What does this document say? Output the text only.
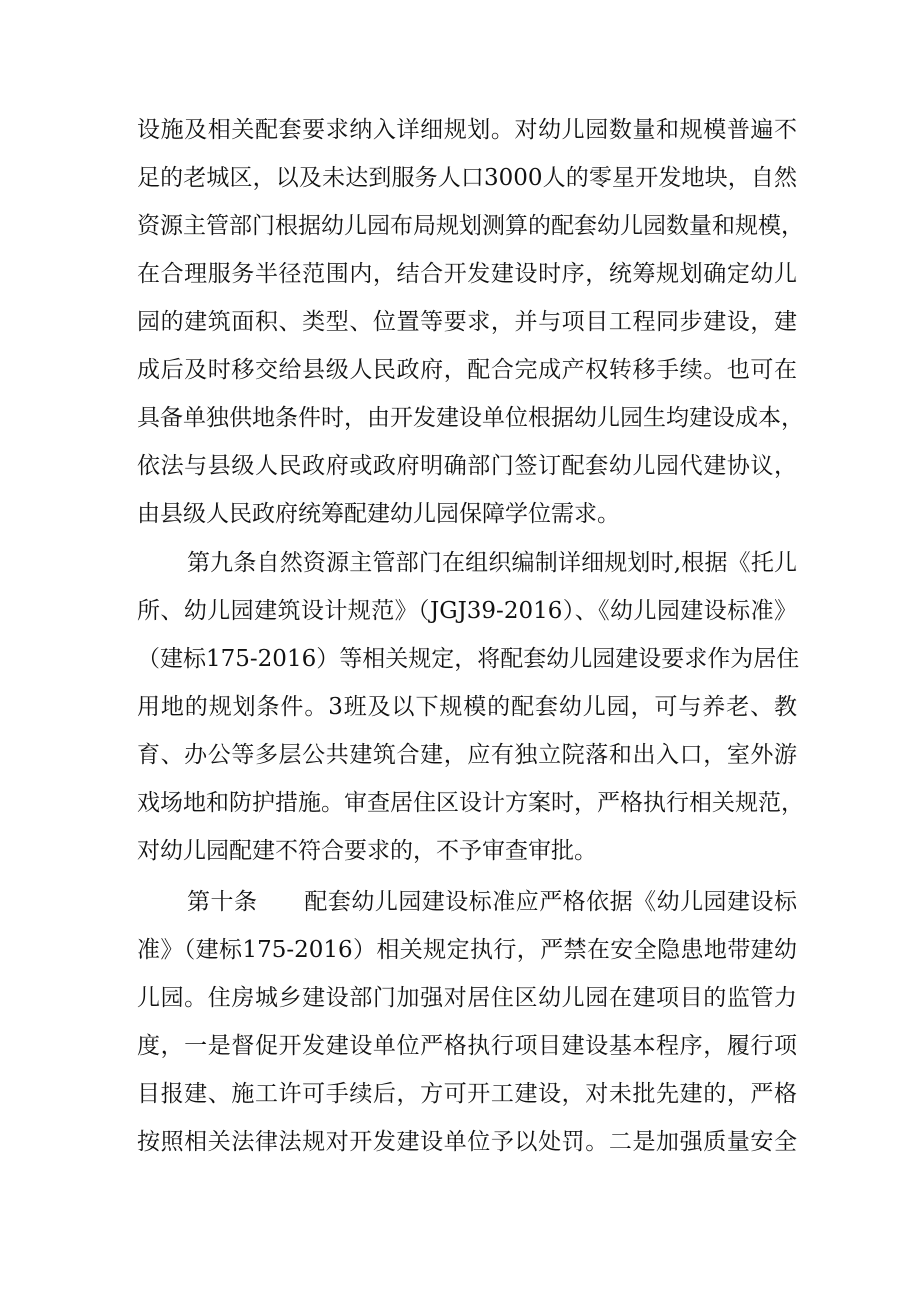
设施及相关配套要求纳入详细规划。对幼儿园数量和规模普遍不
足的老城区，以及未达到服务人口3000人的零星开发地块，自然
资源主管部门根据幼儿园布局规划测算的配套幼儿园数量和规模，
在合理服务半径范围内，结合开发建设时序，统筹规划确定幼儿
园的建筑面积、类型、位置等要求，并与项目工程同步建设，建
成后及时移交给县级人民政府，配合完成产权转移手续。也可在
具备单独供地条件时，由开发建设单位根据幼儿园生均建设成本，
依法与县级人民政府或政府明确部门签订配套幼儿园代建协议，
由县级人民政府统筹配建幼儿园保障学位需求。
第九条自然资源主管部门在组织编制详细规划时,根据《托儿
所、幼儿园建筑设计规范》（JGJ39-2016）、《幼儿园建设标准》
（建标175-2016）等相关规定，将配套幼儿园建设要求作为居住
用地的规划条件。3班及以下规模的配套幼儿园，可与养老、教
育、办公等多层公共建筑合建，应有独立院落和出入口，室外游
戏场地和防护措施。审查居住区设计方案时，严格执行相关规范，
对幼儿园配建不符合要求的，不予审查审批。
第十条　　配套幼儿园建设标准应严格依据《幼儿园建设标
准》（建标175-2016）相关规定执行，严禁在安全隐患地带建幼
儿园。住房城乡建设部门加强对居住区幼儿园在建项目的监管力
度，一是督促开发建设单位严格执行项目建设基本程序，履行项
目报建、施工许可手续后，方可开工建设，对未批先建的，严格
按照相关法律法规对开发建设单位予以处罚。二是加强质量安全
